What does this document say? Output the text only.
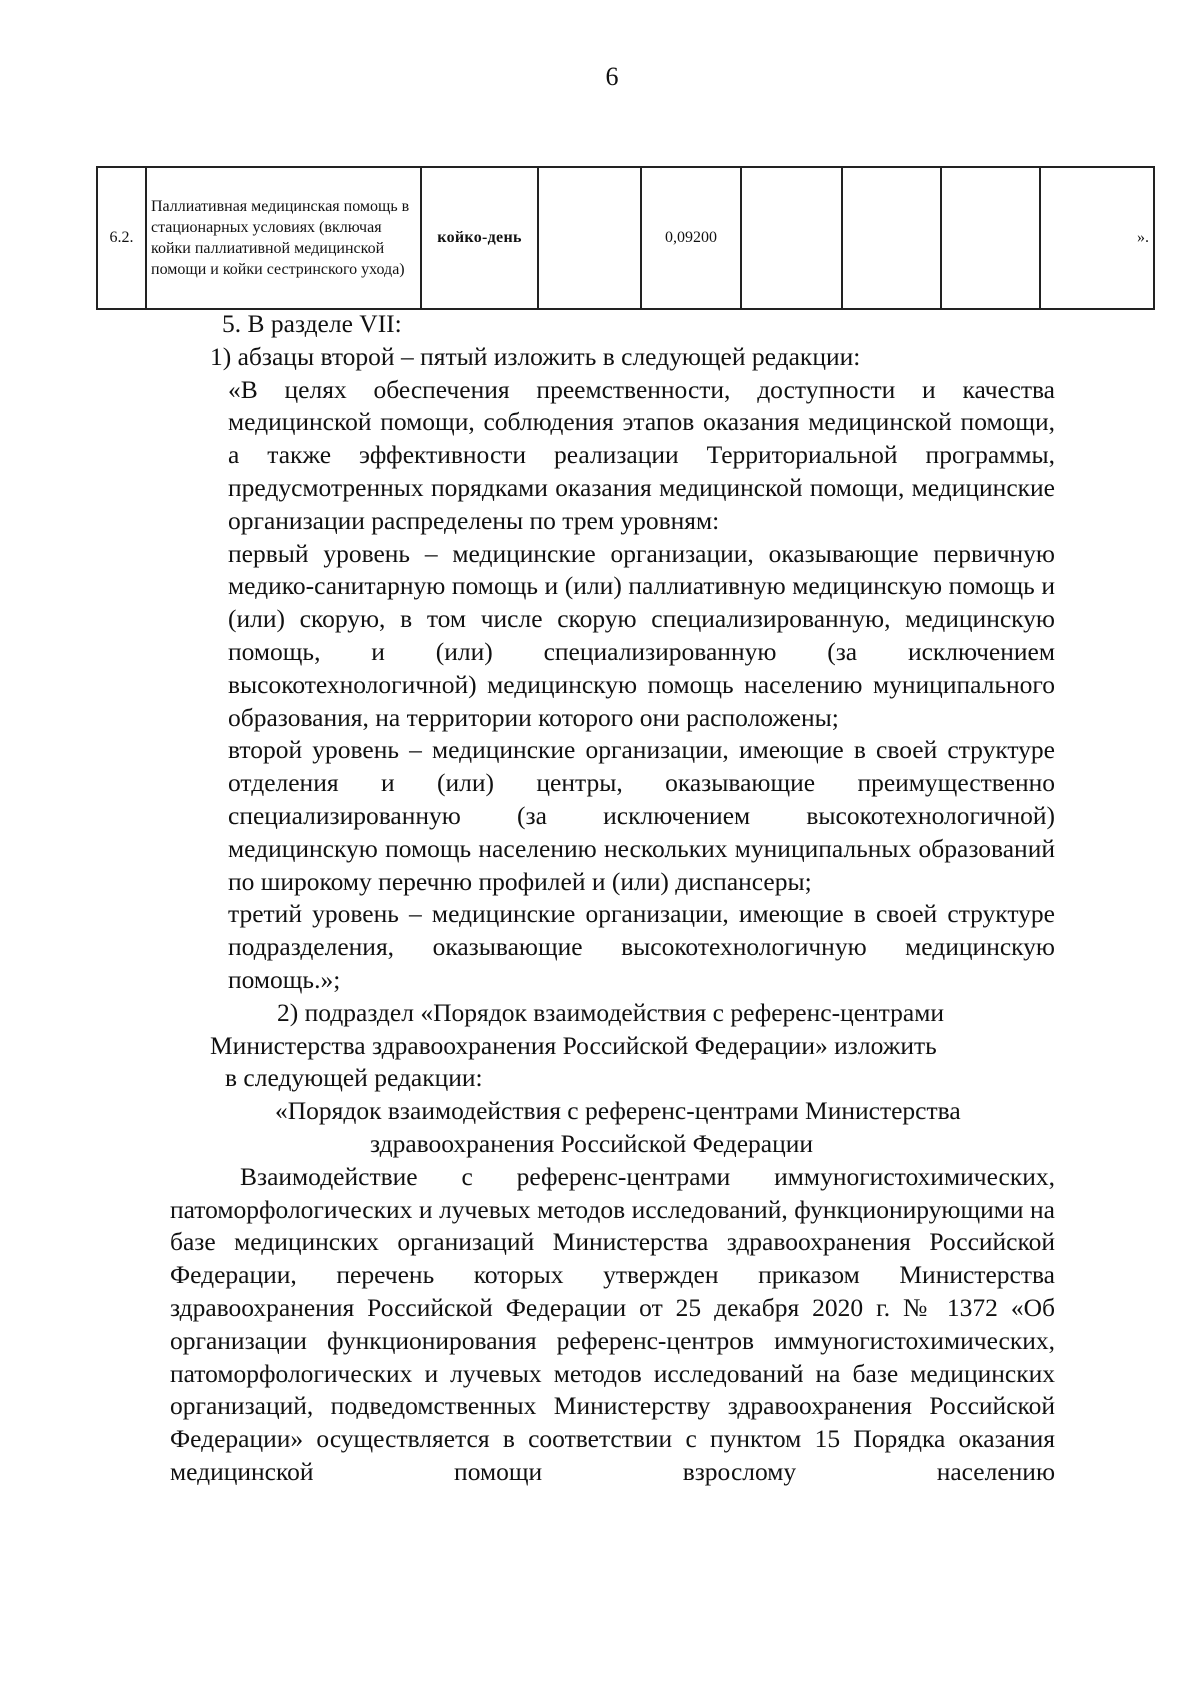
6
6.2.	Паллиативная медицинская помощь в стационарных условиях (включая койки паллиативной медицинской помощи и койки сестринского ухода)	койко-день		0,09200				».

5. В разделе VII:

1) абзацы второй – пятый изложить в следующей редакции:

«В целях обеспечения преемственности, доступности и качества медицинской помощи, соблюдения этапов оказания медицинской помощи, а также эффективности реализации Территориальной программы, предусмотренных порядками оказания медицинской помощи, медицинские организации распределены по трем уровням:

первый уровень – медицинские организации, оказывающие первичную медико-санитарную помощь и (или) паллиативную медицинскую помощь и (или) скорую, в том числе скорую специализированную, медицинскую помощь, и (или) специализированную (за исключением высокотехнологичной) медицинскую помощь населению муниципального образования, на территории которого они расположены;

второй уровень – медицинские организации, имеющие в своей структуре отделения и (или) центры, оказывающие преимущественно специализированную (за исключением высокотехнологичной) медицинскую помощь населению нескольких муниципальных образований по широкому перечню профилей и (или) диспансеры;

третий уровень – медицинские организации, имеющие в своей структуре подразделения, оказывающие высокотехнологичную медицинскую помощь.»;

2) подраздел «Порядок взаимодействия с референс-центрами

Министерства здравоохранения Российской Федерации» изложить

в следующей редакции:

«Порядок взаимодействия с референс-центрами Министерства

здравоохранения Российской Федерации

Взаимодействие с референс-центрами иммуногистохимических, патоморфологических и лучевых методов исследований, функционирующими на базе медицинских организаций Министерства здравоохранения Российской Федерации, перечень которых утвержден приказом Министерства здравоохранения Российской Федерации от 25 декабря 2020 г. № 1372 «Об организации функционирования референс-центров иммуногистохимических, патоморфологических и лучевых методов исследований на базе медицинских организаций, подведомственных Министерству здравоохранения Российской Федерации» осуществляется в соответствии с пунктом 15 Порядка оказания медицинской помощи взрослому населению
